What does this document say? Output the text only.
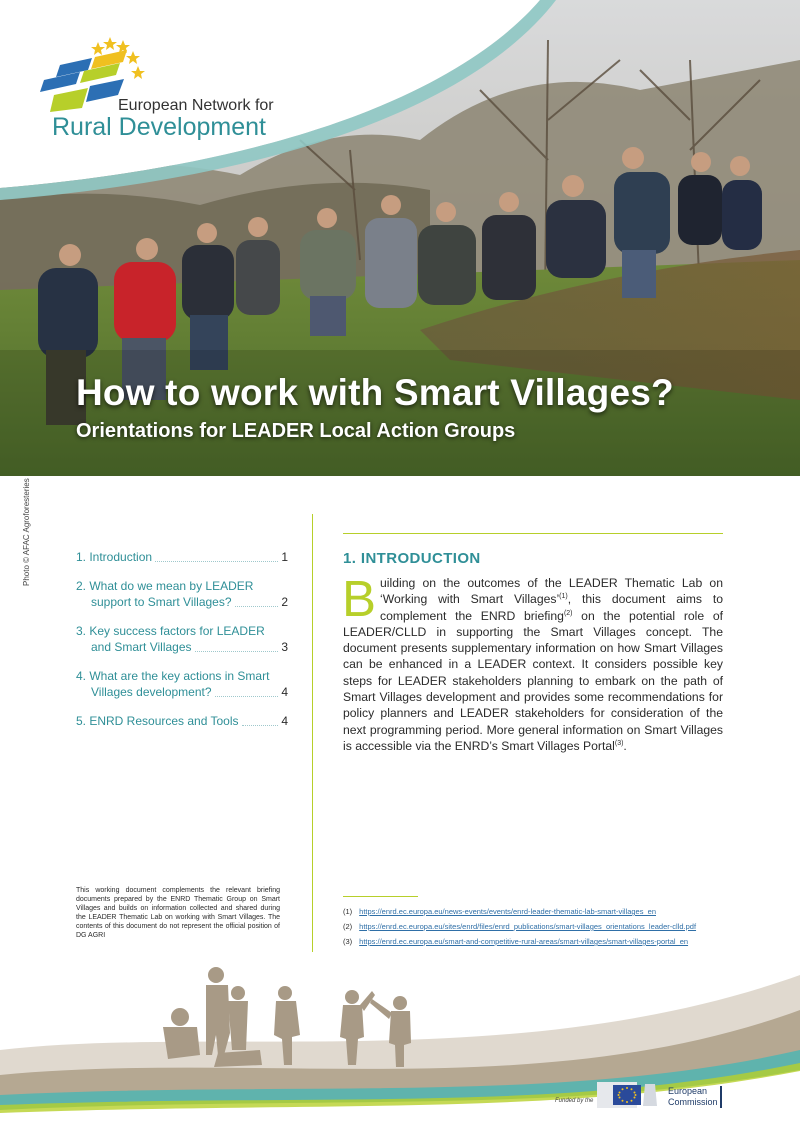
European Network for
Rural Development
How to work with Smart Villages?
Orientations for LEADER Local Action Groups
Photo © AFAC Agroforesteries	1. Introduction	1
2. What do we mean by LEADER
support to Smart Villages?	2
3. Key success factors for LEADER
and Smart Villages	3
4. What are the key actions in Smart
Villages development?	4
5. ENRD Resources and Tools	4
This working document complements the relevant briefing documents prepared by the ENRD Thematic Group on Smart Villages and builds on information collected and shared during the LEADER Thematic Lab on working with Smart Villages. The contents of this document do not represent the official position of DG AGRI
1. INTRODUCTION
Building on the outcomes of the LEADER Thematic Lab on ‘Working with Smart Villages’$^{(1)}$, this document aims to complement the ENRD briefing$^{(2)}$ on the potential role of LEADER/CLLD in supporting the Smart Villages concept. The document presents supplementary information on how Smart Villages can be enhanced in a LEADER context. It considers possible key steps for LEADER stakeholders planning to embark on the path of Smart Villages development and provides some recommendations for policy planners and LEADER stakeholders for consideration of the next programming period. More general information on Smart Villages is accessible via the ENRD’s Smart Villages Portal$^{(3)}$.
(1) https://enrd.ec.europa.eu/news-events/events/enrd-leader-thematic-lab-smart-villages_en
(2) https://enrd.ec.europa.eu/sites/enrd/files/enrd_publications/smart-villages_orientations_leader-clld.pdf
(3) https://enrd.ec.europa.eu/smart-and-competitive-rural-areas/smart-villages/smart-villages-portal_en
Funded by the
European
Commission
